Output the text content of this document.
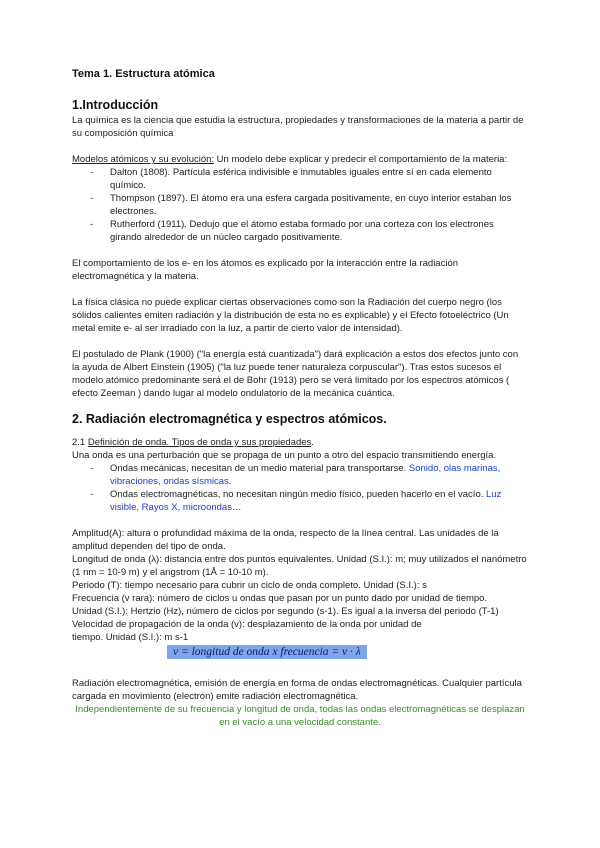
Tema 1. Estructura atómica
1.Introducción

La química es la ciencia que estudia la estructura, propiedades y transformaciones de la materia a partir de su composición química

Modelos atómicos y su evolución: Un modelo debe explicar y predecir el comportamiento de la materia:

- Dalton (1808). Partícula esférica indivisible e inmutables iguales entre sí en cada elemento químico.
- Thompson (1897). El átomo era una esfera cargada positivamente, en cuyo interior estaban los electrones.
- Rutherford (1911). Dedujo que el átomo estaba formado por una corteza con los electrones girando alrededor de un núcleo cargado positivamente.

El comportamiento de los e- en los átomos es explicado por la interacción entre la radiación electromagnética y la materia.

La física clásica no puede explicar ciertas observaciones como son la Radiación del cuerpo negro (los sólidos calientes emiten radiación y la distribución de esta no es explicable) y el Efecto fotoeléctrico (Un metal emite e- al ser irradiado con la luz, a partir de cierto valor de intensidad).

El postulado de Plank (1900) ("la energía está cuantizada") dará explicación a estos dos efectos junto con la ayuda de Albert Einstein (1905) ("la luz puede tener naturaleza corpuscular"). Tras estos sucesos el modelo atómico predominante será el de Bohr (1913) pero se verá limitado por los espectros atómicos ( efecto Zeeman ) dando lugar al modelo ondulatorio de la mecánica cuántica.

2. Radiación electromagnética y espectros atómicos.

2.1 Definición de onda. Tipos de onda y sus propiedades.

Una onda es una perturbación que se propaga de un punto a otro del espacio transmitiendo energía.

- Ondas mecánicas, necesitan de un medio material para transportarse. Sonido, olas marinas, vibraciones, ondas sísmicas.
- Ondas electromagnéticas, no necesitan ningún medio físico, pueden hacerlo en el vacío. Luz visible, Rayos X, microondas…

Amplitud(A): altura o profundidad máxima de la onda, respecto de la línea central. Las unidades de la amplitud dependen del tipo de onda.

Longitud de onda (λ): distancia entre dos puntos equivalentes. Unidad (S.I.): m; muy utilizados el nanómetro (1 nm = 10-9 m) y el angstrom (1Å = 10-10 m).

Periodo (T): tiempo necesario para cubrir un ciclo de onda completo. Unidad (S.I.): s

Frecuencia (v rara): número de ciclos u ondas que pasan por un punto dado por unidad de tiempo.

Unidad (S.I.): Hertzio (Hz), número de ciclos por segundo (s-1). Es igual a la inversa del periodo (T-1)

Velocidad de propagación de la onda (v): desplazamiento de la onda por unidad de tiempo. Unidad (S.I.): m s-1

v = longitud de onda x frecuencia = v · λ

Radiación electromagnética, emisión de energía en forma de ondas electromagnéticas. Cualquier partícula cargada en movimiento (electrón) emite radiación electromagnética.

Independientemente de su frecuencia y longitud de onda, todas las ondas electromagnéticas se desplazan en el vacío a una velocidad constante.
